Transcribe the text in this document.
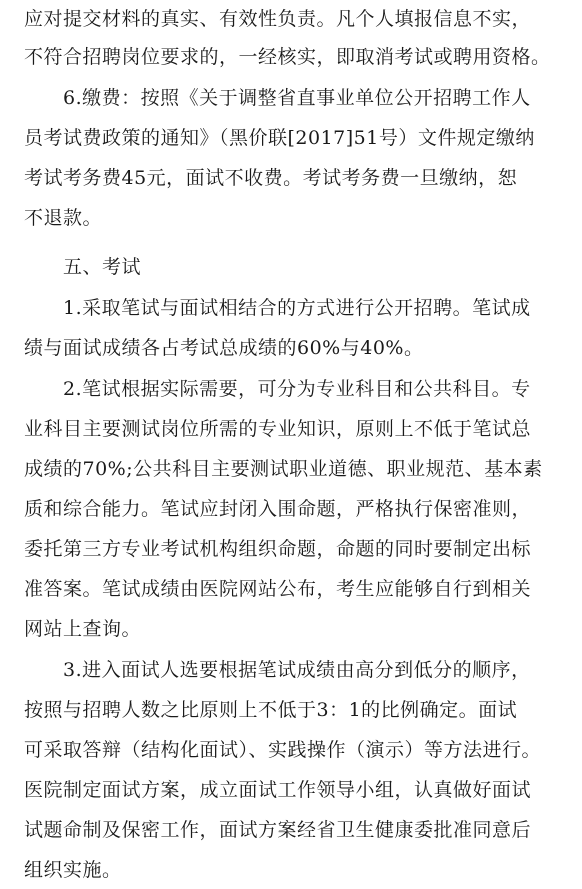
应对提交材料的真实、有效性负责。凡个人填报信息不实，
不符合招聘岗位要求的，一经核实，即取消考试或聘用资格。
6.缴费：按照《关于调整省直事业单位公开招聘工作人
员考试费政策的通知》（黑价联[2017]51号）文件规定缴纳
考试考务费45元，面试不收费。考试考务费一旦缴纳，恕
不退款。
五、考试
1.采取笔试与面试相结合的方式进行公开招聘。笔试成
绩与面试成绩各占考试总成绩的60%与40%。
2.笔试根据实际需要，可分为专业科目和公共科目。专
业科目主要测试岗位所需的专业知识，原则上不低于笔试总
成绩的70%;公共科目主要测试职业道德、职业规范、基本素
质和综合能力。笔试应封闭入围命题，严格执行保密准则，
委托第三方专业考试机构组织命题，命题的同时要制定出标
准答案。笔试成绩由医院网站公布，考生应能够自行到相关
网站上查询。
3.进入面试人选要根据笔试成绩由高分到低分的顺序，
按照与招聘人数之比原则上不低于3：1的比例确定。面试
可采取答辩（结构化面试）、实践操作（演示）等方法进行。
医院制定面试方案，成立面试工作领导小组，认真做好面试
试题命制及保密工作，面试方案经省卫生健康委批准同意后
组织实施。
